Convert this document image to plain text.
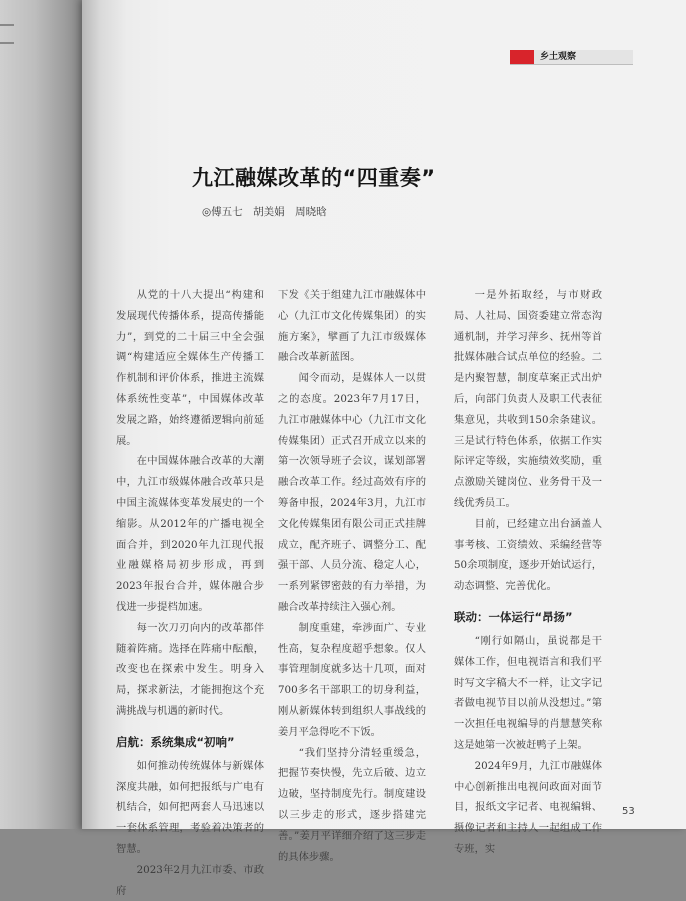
乡土观察
九江融媒改革的“四重奏”
◎傅五七　胡美娟　周晓晗

从党的十八大提出“构建和发展现代传播体系，提高传播能力”，到党的二十届三中全会强调“构建适应全媒体生产传播工作机制和评价体系，推进主流媒体系统性变革”，中国媒体改革发展之路，始终遵循逻辑向前延展。

在中国媒体融合改革的大潮中，九江市级媒体融合改革只是中国主流媒体变革发展史的一个缩影。从2012年的广播电视全面合并，到2020年九江现代报业融媒格局初步形成，再到2023年报台合并，媒体融合步伐进一步提档加速。

每一次刀刃向内的改革都伴随着阵痛。选择在阵痛中酝酿，改变也在探索中发生。明身入局，探求新法，才能拥抱这个充满挑战与机遇的新时代。

启航：系统集成“初响”

如何推动传统媒体与新媒体深度共融，如何把报纸与广电有机结合，如何把两套人马迅速以一套体系管理，考验着决策者的智慧。

2023年2月九江市委、市政府

下发《关于组建九江市融媒体中心（九江市文化传媒集团）的实施方案》，擘画了九江市级媒体融合改革新蓝图。

闻令而动，是媒体人一以贯之的态度。2023年7月17日，九江市融媒体中心（九江市文化传媒集团）正式召开成立以来的第一次领导班子会议，谋划部署融合改革工作。经过高效有序的筹备申报，2024年3月，九江市文化传媒集团有限公司正式挂牌成立，配齐班子、调整分工、配强干部、人员分流、稳定人心，一系列紧锣密鼓的有力举措，为融合改革持续注入强心剂。

制度重建，牵涉面广、专业性高，复杂程度超乎想象。仅人事管理制度就多达十几项，面对700多名干部职工的切身利益，刚从新媒体转到组织人事战线的姜月平急得吃不下饭。

“我们坚持分清轻重缓急，把握节奏快慢，先立后破、边立边破，坚持制度先行。制度建设以三步走的形式，逐步搭建完善。”姜月平详细介绍了这三步走的具体步骤。

一是外拓取经，与市财政局、人社局、国资委建立常态沟通机制，并学习萍乡、抚州等首批媒体融合试点单位的经验。二是内聚智慧，制度草案正式出炉后，向部门负责人及职工代表征集意见，共收到150余条建议。三是试行特色体系，依据工作实际评定等级，实施绩效奖励，重点激励关键岗位、业务骨干及一线优秀员工。

目前，已经建立出台涵盖人事考核、工资绩效、采编经营等50余项制度，逐步开始试运行，动态调整、完善优化。

联动：一体运行“昂扬”

“刚行如隔山，虽说都是干媒体工作，但电视语言和我们平时写文字稿大不一样，让文字记者做电视节目以前从没想过。”第一次担任电视编导的肖慧慧笑称这是她第一次被赶鸭子上架。

2024年9月，九江市融媒体中心创新推出电视问政面对面节目，报纸文字记者、电视编辑、摄像记者和主持人一起组成工作专班，实

53
